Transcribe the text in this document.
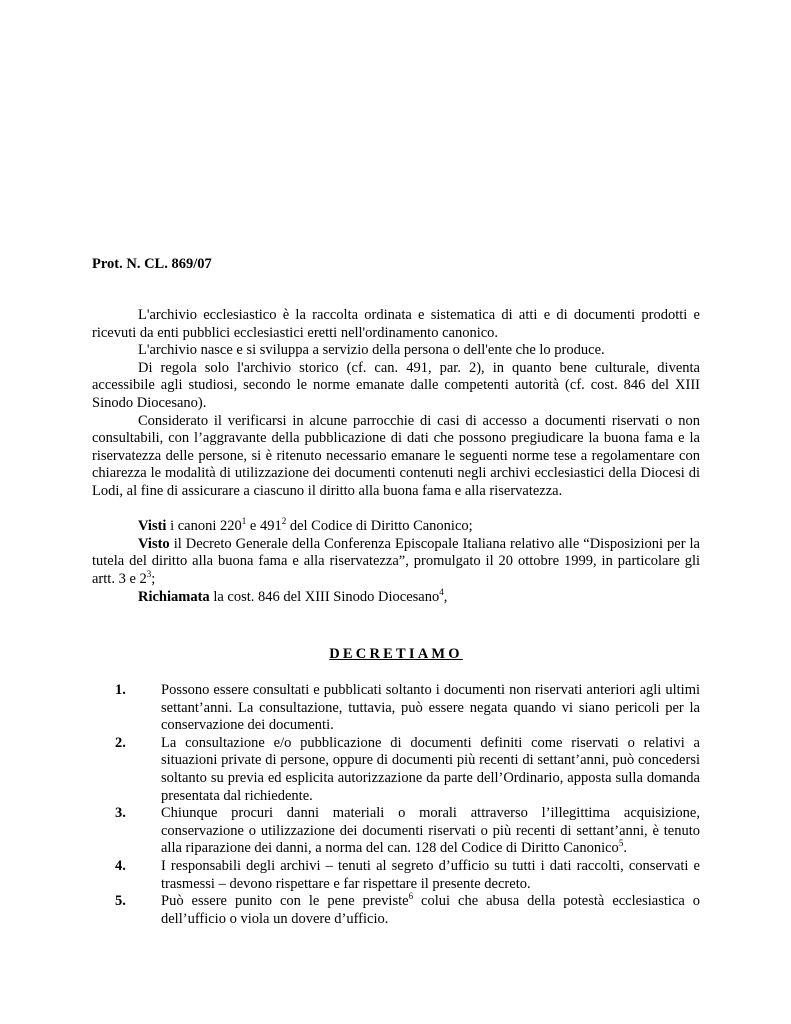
Prot. N. CL. 869/07

L'archivio ecclesiastico è la raccolta ordinata e sistematica di atti e di documenti prodotti e ricevuti da enti pubblici ecclesiastici eretti nell'ordinamento canonico.

L'archivio nasce e si sviluppa a servizio della persona o dell'ente che lo produce.

Di regola solo l'archivio storico (cf. can. 491, par. 2), in quanto bene culturale, diventa accessibile agli studiosi, secondo le norme emanate dalle competenti autorità (cf. cost. 846 del XIII Sinodo Diocesano).

Considerato il verificarsi in alcune parrocchie di casi di accesso a documenti riservati o non consultabili, con l’aggravante della pubblicazione di dati che possono pregiudicare la buona fama e la riservatezza delle persone, si è ritenuto necessario emanare le seguenti norme tese a regolamentare con chiarezza le modalità di utilizzazione dei documenti contenuti negli archivi ecclesiastici della Diocesi di Lodi, al fine di assicurare a ciascuno il diritto alla buona fama e alla riservatezza.

Visti i canoni $220^1$ e $491^2$ del Codice di Diritto Canonico;

Visto il Decreto Generale della Conferenza Episcopale Italiana relativo alle “Disposizioni per la tutela del diritto alla buona fama e alla riservatezza”, promulgato il 20 ottobre 1999, in particolare gli artt. 3 e $2^3$;

Richiamata la cost. 846 del XIII Sinodo Diocesano$^4$,

DECRETIAMO
1. Possono essere consultati e pubblicati soltanto i documenti non riservati anteriori agli ultimi settant’anni. La consultazione, tuttavia, può essere negata quando vi siano pericoli per la conservazione dei documenti.
2. La consultazione e/o pubblicazione di documenti definiti come riservati o relativi a situazioni private di persone, oppure di documenti più recenti di settant’anni, può concedersi soltanto su previa ed esplicita autorizzazione da parte dell’Ordinario, apposta sulla domanda presentata dal richiedente.
3. Chiunque procuri danni materiali o morali attraverso l’illegittima acquisizione, conservazione o utilizzazione dei documenti riservati o più recenti di settant’anni, è tenuto alla riparazione dei danni, a norma del can. 128 del Codice di Diritto Canonico$^5$.
4. I responsabili degli archivi – tenuti al segreto d’ufficio su tutti i dati raccolti, conservati e trasmessi – devono rispettare e far rispettare il presente decreto.
5. Può essere punito con le pene previste$^6$ colui che abusa della potestà ecclesiastica o dell’ufficio o viola un dovere d’ufficio.
